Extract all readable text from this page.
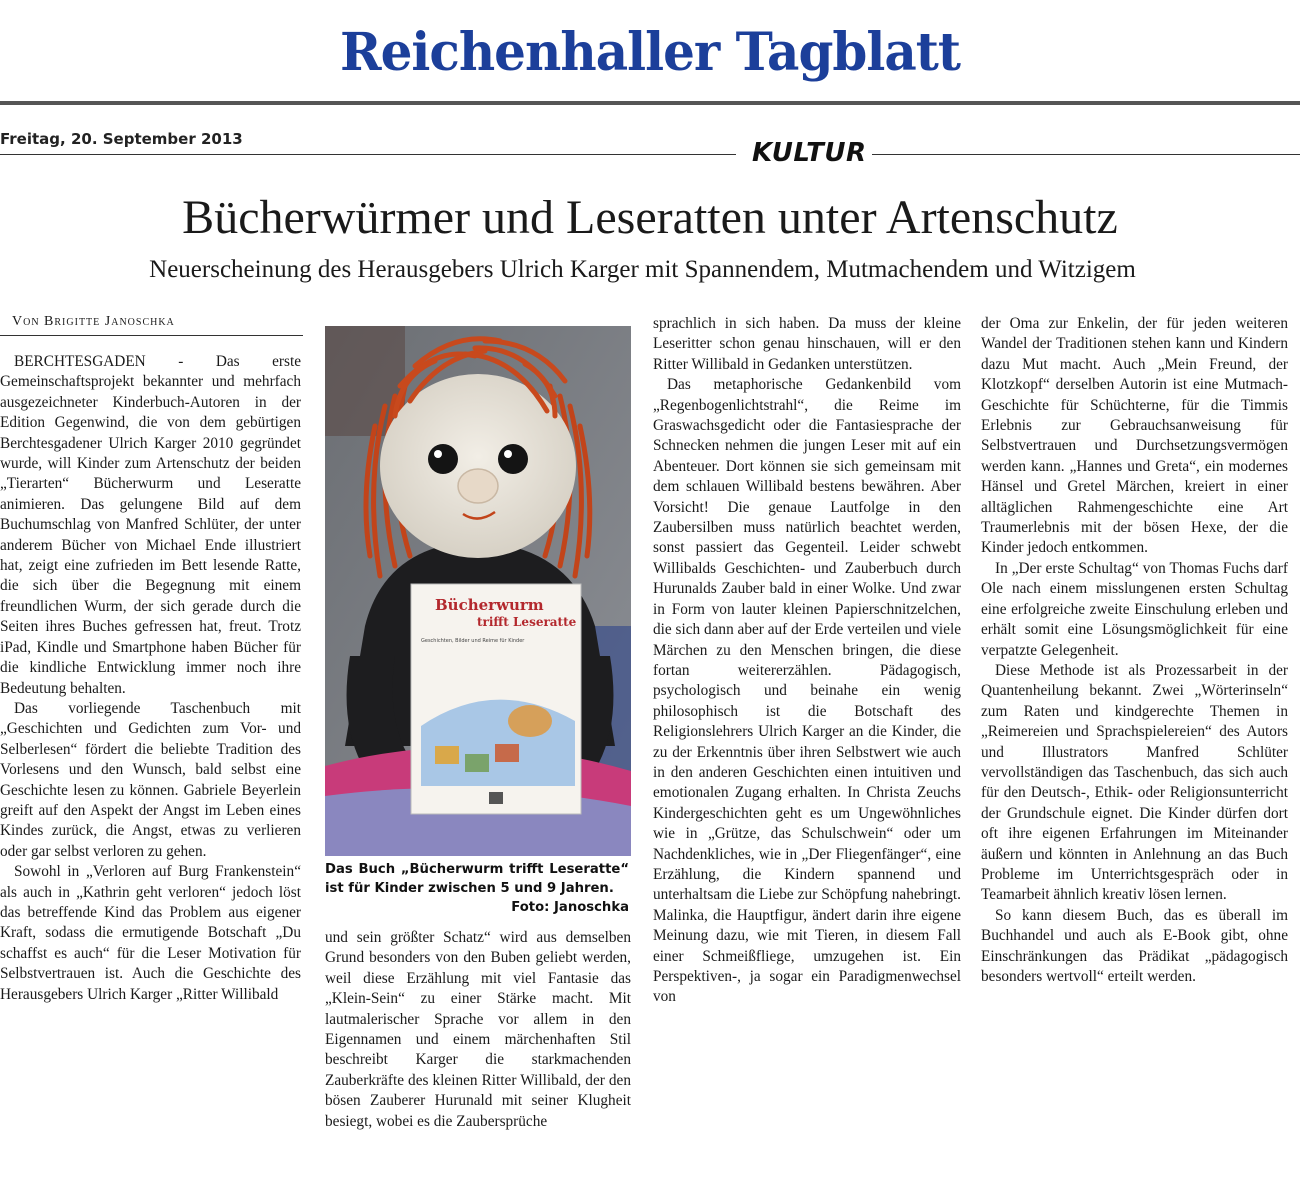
Reichenhaller Tagblatt
Freitag, 20. September 2013	KULTUR
Bücherwürmer und Leseratten unter Artenschutz
Neuerscheinung des Herausgebers Ulrich Karger mit Spannendem, Mutmachendem und Witzigem
Von Brigitte Janoschka

BERCHTESGADEN - Das erste Gemeinschaftsprojekt bekannter und mehrfach ausgezeichneter Kinderbuch-Autoren in der Edition Gegenwind, die von dem gebürtigen Berchtesgadener Ulrich Karger 2010 gegründet wurde, will Kinder zum Artenschutz der beiden „Tierarten“ Bücherwurm und Leseratte animieren. Das gelungene Bild auf dem Buchumschlag von Manfred Schlüter, der unter anderem Bücher von Michael Ende illustriert hat, zeigt eine zufrieden im Bett lesende Ratte, die sich über die Begegnung mit einem freundlichen Wurm, der sich gerade durch die Seiten ihres Buches gefressen hat, freut. Trotz iPad, Kindle und Smartphone haben Bücher für die kindliche Entwicklung immer noch ihre Bedeutung behalten.

Das vorliegende Taschenbuch mit „Geschichten und Gedichten zum Vor- und Selberlesen“ fördert die beliebte Tradition des Vorlesens und den Wunsch, bald selbst eine Geschichte lesen zu können. Gabriele Beyerlein greift auf den Aspekt der Angst im Leben eines Kindes zurück, die Angst, etwas zu verlieren oder gar selbst verloren zu gehen.

Sowohl in „Verloren auf Burg Frankenstein“ als auch in „Kathrin geht verloren“ jedoch löst das betreffende Kind das Problem aus eigener Kraft, sodass die ermutigende Botschaft „Du schaffst es auch“ für die Leser Motivation für Selbstvertrauen ist. Auch die Geschichte des Herausgebers Ulrich Karger „Ritter Willibald

Bücherwurm
trifft Leseratte
Geschichten, Bilder und Reime für Kinder
Das Buch „Bücherwurm trifft Leseratte“ ist für Kinder zwischen 5 und 9 Jahren.
Foto: Janoschka

und sein größter Schatz“ wird aus demselben Grund besonders von den Buben geliebt werden, weil diese Erzählung mit viel Fantasie das „Klein-Sein“ zu einer Stärke macht. Mit lautmalerischer Sprache vor allem in den Eigennamen und einem märchenhaften Stil beschreibt Karger die starkmachenden Zauberkräfte des kleinen Ritter Willibald, der den bösen Zauberer Hurunald mit seiner Klugheit besiegt, wobei es die Zaubersprüche

sprachlich in sich haben. Da muss der kleine Leseritter schon genau hinschauen, will er den Ritter Willibald in Gedanken unterstützen.

Das metaphorische Gedankenbild vom „Regenbogenlichtstrahl“, die Reime im Graswachsgedicht oder die Fantasiesprache der Schnecken nehmen die jungen Leser mit auf ein Abenteuer. Dort können sie sich gemeinsam mit dem schlauen Willibald bestens bewähren. Aber Vorsicht! Die genaue Lautfolge in den Zaubersilben muss natürlich beachtet werden, sonst passiert das Gegenteil. Leider schwebt Willibalds Geschichten- und Zauberbuch durch Hurunalds Zauber bald in einer Wolke. Und zwar in Form von lauter kleinen Papierschnitzelchen, die sich dann aber auf der Erde verteilen und viele Märchen zu den Menschen bringen, die diese fortan weitererzählen. Pädagogisch, psychologisch und beinahe ein wenig philosophisch ist die Botschaft des Religionslehrers Ulrich Karger an die Kinder, die zu der Erkenntnis über ihren Selbstwert wie auch in den anderen Geschichten einen intuitiven und emotionalen Zugang erhalten. In Christa Zeuchs Kindergeschichten geht es um Ungewöhnliches wie in „Grütze, das Schulschwein“ oder um Nachdenkliches, wie in „Der Fliegenfänger“, eine Erzählung, die Kindern spannend und unterhaltsam die Liebe zur Schöpfung nahebringt. Malinka, die Hauptfigur, ändert darin ihre eigene Meinung dazu, wie mit Tieren, in diesem Fall einer Schmeißfliege, umzugehen ist. Ein Perspektiven-, ja sogar ein Paradigmenwechsel von

der Oma zur Enkelin, der für jeden weiteren Wandel der Traditionen stehen kann und Kindern dazu Mut macht. Auch „Mein Freund, der Klotzkopf“ derselben Autorin ist eine Mutmach-Geschichte für Schüchterne, für die Timmis Erlebnis zur Gebrauchsanweisung für Selbstvertrauen und Durchsetzungsvermögen werden kann. „Hannes und Greta“, ein modernes Hänsel und Gretel Märchen, kreiert in einer alltäglichen Rahmengeschichte eine Art Traumerlebnis mit der bösen Hexe, der die Kinder jedoch entkommen.

In „Der erste Schultag“ von Thomas Fuchs darf Ole nach einem misslungenen ersten Schultag eine erfolgreiche zweite Einschulung erleben und erhält somit eine Lösungsmöglichkeit für eine verpatzte Gelegenheit.

Diese Methode ist als Prozessarbeit in der Quantenheilung bekannt. Zwei „Wörterinseln“ zum Raten und kindgerechte Themen in „Reimereien und Sprachspielereien“ des Autors und Illustrators Manfred Schlüter vervollständigen das Taschenbuch, das sich auch für den Deutsch-, Ethik- oder Religionsunterricht der Grundschule eignet. Die Kinder dürfen dort oft ihre eigenen Erfahrungen im Miteinander äußern und könnten in Anlehnung an das Buch Probleme im Unterrichtsgespräch oder in Teamarbeit ähnlich kreativ lösen lernen.

So kann diesem Buch, das es überall im Buchhandel und auch als E-Book gibt, ohne Einschränkungen das Prädikat „pädagogisch besonders wertvoll“ erteilt werden.
